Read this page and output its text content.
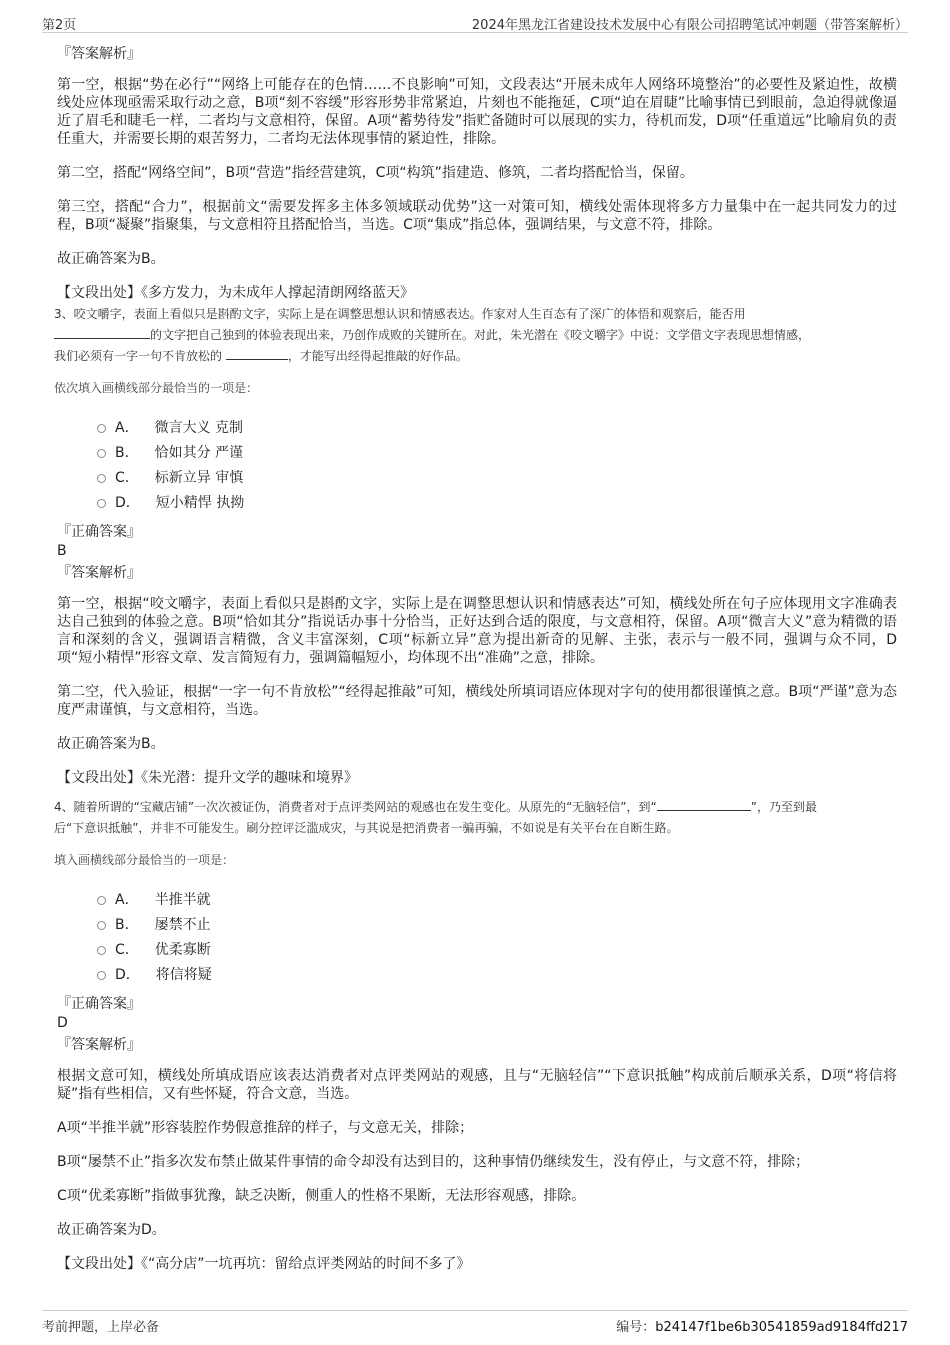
第2页	2024年黑龙江省建设技术发展中心有限公司招聘笔试冲刺题（带答案解析）

『答案解析』

第一空，根据“势在必行”“网络上可能存在的色情……不良影响”可知，文段表达“开展未成年人网络环境整治”的必要性及紧迫性，故横线处应体现亟需采取行动之意，B项“刻不容缓”形容形势非常紧迫，片刻也不能拖延，C项“迫在眉睫”比喻事情已到眼前，急迫得就像逼近了眉毛和睫毛一样，二者均与文意相符，保留。A项“蓄势待发”指贮备随时可以展现的实力，待机而发，D项“任重道远”比喻肩负的责任重大，并需要长期的艰苦努力，二者均无法体现事情的紧迫性，排除。

第二空，搭配“网络空间”，B项“营造”指经营建筑，C项“构筑”指建造、修筑，二者均搭配恰当，保留。

第三空，搭配“合力”，根据前文“需要发挥多主体多领域联动优势”这一对策可知，横线处需体现将多方力量集中在一起共同发力的过程，B项“凝聚”指聚集，与文意相符且搭配恰当，当选。C项“集成”指总体，强调结果，与文意不符，排除。

故正确答案为B。

【文段出处】《多方发力，为未成年人撑起清朗网络蓝天》

3、咬文嚼字，表面上看似只是斟酌文字，实际上是在调整思想认识和情感表达。作家对人生百态有了深广的体悟和观察后，能否用
的文字把自己独到的体验表现出来，乃创作成败的关键所在。对此，朱光潜在《咬文嚼字》中说：文学借文字表现思想情感，
我们必须有一字一句不肯放松的	，才能写出经得起推敲的好作品。

依次填入画横线部分最恰当的一项是：

A． 微言大义 克制
B． 恰如其分 严谨
C． 标新立异 审慎
D． 短小精悍 执拗

『正确答案』

B

『答案解析』

第一空，根据“咬文嚼字，表面上看似只是斟酌文字，实际上是在调整思想认识和情感表达”可知，横线处所在句子应体现用文字准确表达自己独到的体验之意。B项“恰如其分”指说话办事十分恰当，正好达到合适的限度，与文意相符，保留。A项“微言大义”意为精微的语言和深刻的含义，强调语言精微，含义丰富深刻，C项“标新立异”意为提出新奇的见解、主张，表示与一般不同，强调与众不同，D项“短小精悍”形容文章、发言简短有力，强调篇幅短小，均体现不出“准确”之意，排除。

第二空，代入验证，根据“一字一句不肯放松”“经得起推敲”可知，横线处所填词语应体现对字句的使用都很谨慎之意。B项“严谨”意为态度严肃谨慎，与文意相符，当选。

故正确答案为B。

【文段出处】《朱光潜：提升文学的趣味和境界》

4、随着所谓的“宝藏店铺”一次次被证伪，消费者对于点评类网站的观感也在发生变化。从原先的“无脑轻信”，到“	”，乃至到最
后“下意识抵触”，并非不可能发生。刷分控评泛滥成灾，与其说是把消费者一骗再骗，不如说是有关平台在自断生路。

填入画横线部分最恰当的一项是：

A． 半推半就
B． 屡禁不止
C． 优柔寡断
D． 将信将疑

『正确答案』

D

『答案解析』

根据文意可知，横线处所填成语应该表达消费者对点评类网站的观感，且与“无脑轻信”“下意识抵触”构成前后顺承关系，D项“将信将疑”指有些相信，又有些怀疑，符合文意，当选。

A项“半推半就”形容装腔作势假意推辞的样子，与文意无关，排除；

B项“屡禁不止”指多次发布禁止做某件事情的命令却没有达到目的，这种事情仍继续发生，没有停止，与文意不符，排除；

C项“优柔寡断”指做事犹豫，缺乏决断，侧重人的性格不果断，无法形容观感，排除。

故正确答案为D。

【文段出处】《“高分店”一坑再坑：留给点评类网站的时间不多了》

考前押题，上岸必备	编号：b24147f1be6b30541859ad9184ffd217
